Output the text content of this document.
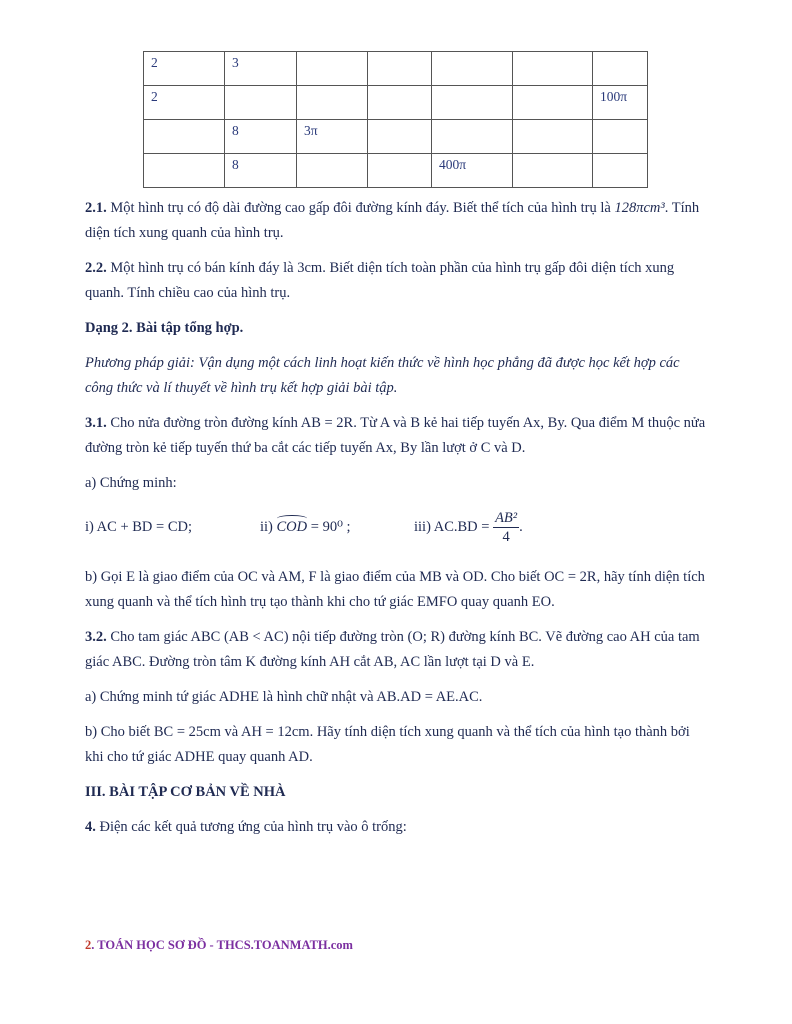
2	3					
2						100π
	8	3π				
	8			400π		
2.1. Một hình trụ có độ dài đường cao gấp đôi đường kính đáy. Biết thể tích của hình trụ là 128πcm³. Tính diện tích xung quanh của hình trụ.
2.2. Một hình trụ có bán kính đáy là 3cm. Biết diện tích toàn phần của hình trụ gấp đôi diện tích xung quanh. Tính chiều cao của hình trụ.
Dạng 2. Bài tập tổng hợp.
Phương pháp giải: Vận dụng một cách linh hoạt kiến thức về hình học phẳng đã được học kết hợp các công thức và lí thuyết về hình trụ kết hợp giải bài tập.
3.1. Cho nửa đường tròn đường kính AB = 2R. Từ A và B kẻ hai tiếp tuyến Ax, By. Qua điểm M thuộc nửa đường tròn kẻ tiếp tuyến thứ ba cắt các tiếp tuyến Ax, By lần lượt ở C và D.
a) Chứng minh:
i) AC + BD = CD;	ii) COD = 90⁰ ;	iii) $AC.BD = \frac{\text{AB²}}{4}$ .
b) Gọi E là giao điểm của OC và AM, F là giao điểm của MB và OD. Cho biết OC = 2R, hãy tính diện tích xung quanh và thể tích hình trụ tạo thành khi cho tứ giác EMFO quay quanh EO.
3.2. Cho tam giác ABC (AB < AC) nội tiếp đường tròn (O; R) đường kính BC. Vẽ đường cao AH của tam giác ABC. Đường tròn tâm K đường kính AH cắt AB, AC lần lượt tại D và E.
a) Chứng minh tứ giác ADHE là hình chữ nhật và AB.AD = AE.AC.
b) Cho biết BC = 25cm và AH = 12cm. Hãy tính diện tích xung quanh và thể tích của hình tạo thành bởi khi cho tứ giác ADHE quay quanh AD.
III. BÀI TẬP CƠ BẢN VỀ NHÀ
4. Điện các kết quả tương ứng của hình trụ vào ô trống:
2. TOÁN HỌC SƠ ĐỒ - THCS.TOANMATH.com
